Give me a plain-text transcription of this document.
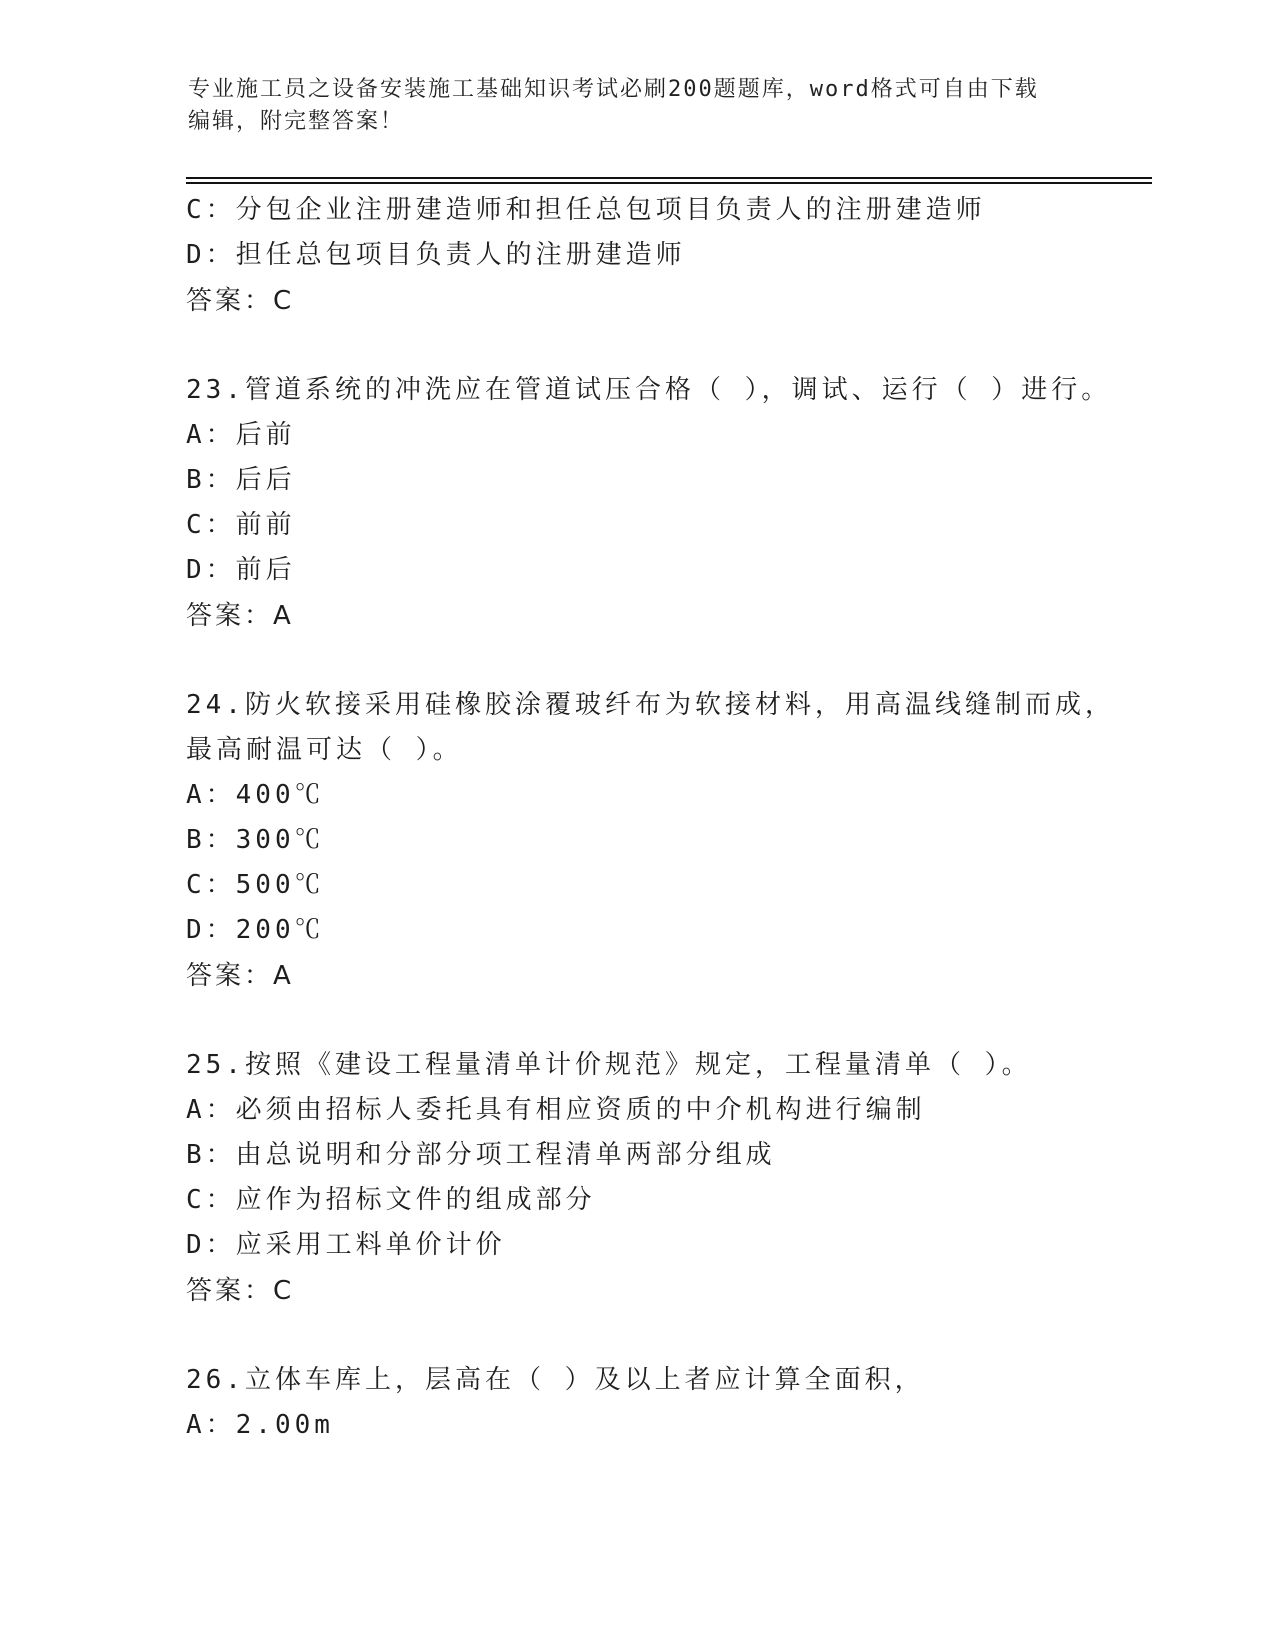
专业施工员之设备安装施工基础知识考试必刷200题题库，word格式可自由下载
编辑，附完整答案！
C：分包企业注册建造师和担任总包项目负责人的注册建造师
D：担任总包项目负责人的注册建造师
答案：C
23.管道系统的冲洗应在管道试压合格（ ），调试、运行（ ）进行。
A：后前
B：后后
C：前前
D：前后
答案：A
24.防火软接采用硅橡胶涂覆玻纤布为软接材料，用高温线缝制而成，
最高耐温可达（ ）。
A：400℃
B：300℃
C：500℃
D：200℃
答案：A
25.按照《建设工程量清单计价规范》规定，工程量清单（ ）。
A：必须由招标人委托具有相应资质的中介机构进行编制
B：由总说明和分部分项工程清单两部分组成
C：应作为招标文件的组成部分
D：应采用工料单价计价
答案：C
26.立体车库上，层高在（ ）及以上者应计算全面积，
A：2.00m
